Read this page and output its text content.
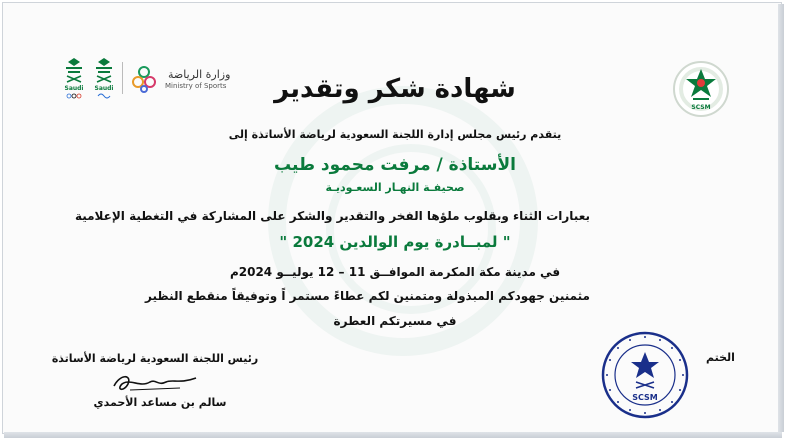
SCSM
Saudi Saudi
وزارة الرياضة
Ministry of Sports شهادة شكر وتقدير
يتقدم رئيس مجلس إدارة اللجنة السعودية لرياضة الأساتذة إلى
الأستاذة / مرفت محمود طيب
صحيفـة النهـار السعـوديـة
بعبارات الثناء وبقلوب ملؤها الفخر والتقدير والشكر على المشاركة في التغطية الإعلامية
" لمبــادرة يوم الوالدين 2024 "
في مدينة مكة المكرمة الموافــق 11 – 12 يوليــو 2024م
مثمنين جهودكم المبذولة ومتمنين لكم عطاءً مستمر اً وتوفيقاً منقطع النظير
في مسيرتكم العطرة
رئيس اللجنة السعودية لرياضة الأساتذة
سالم بن مساعد الأحمدي
الختم
SCSM
